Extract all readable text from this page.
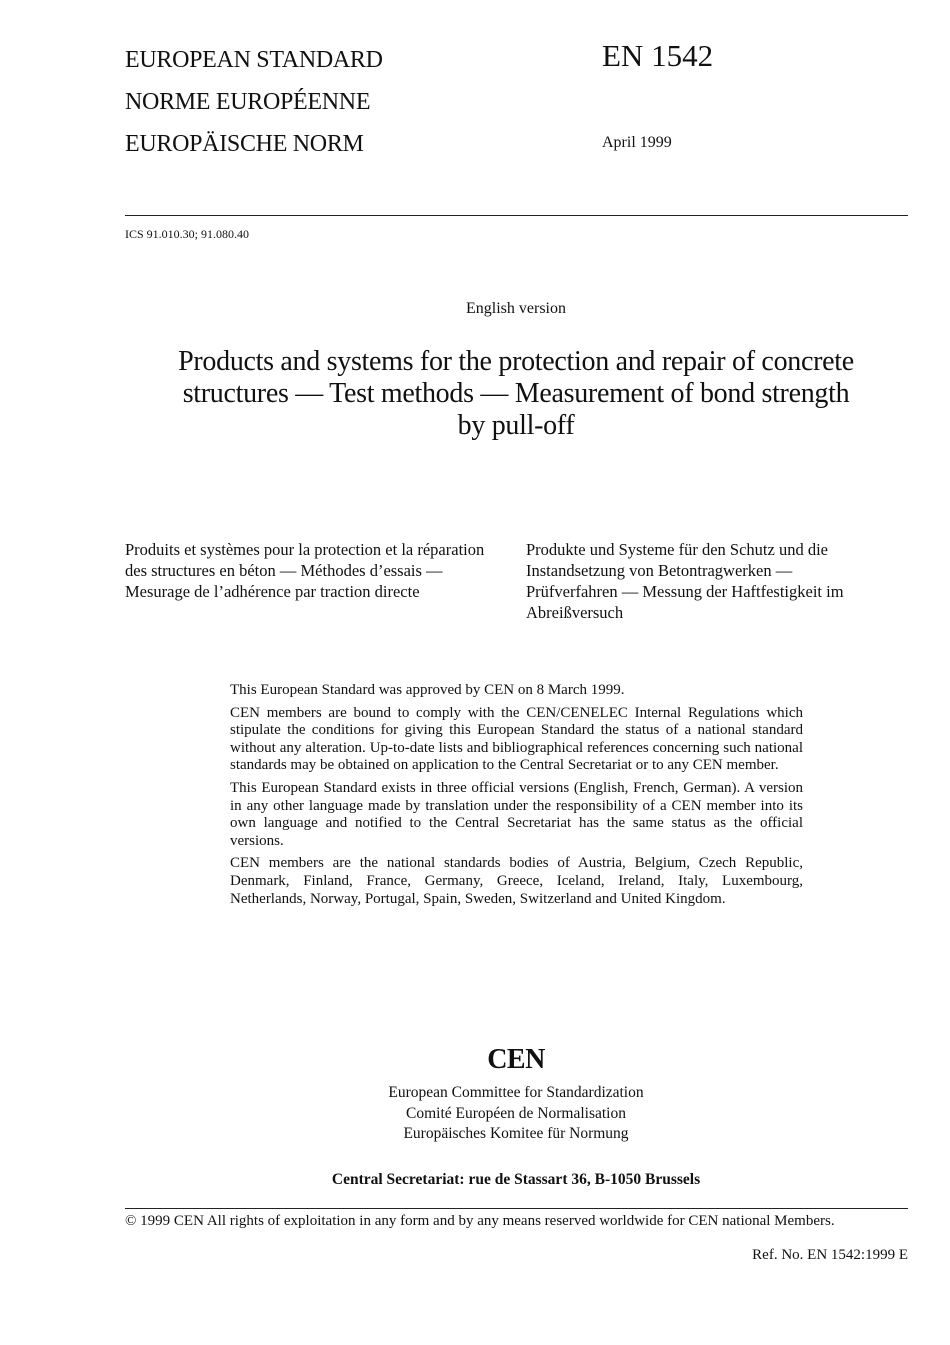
EUROPEAN STANDARD
NORME EUROPÉENNE
EUROPÄISCHE NORM
EN 1542
April 1999
ICS 91.010.30; 91.080.40
English version
Products and systems for the protection and repair of concrete structures — Test methods — Measurement of bond strength by pull-off
Produits et systèmes pour la protection et la réparation des structures en béton — Méthodes d’essais — Mesurage de l’adhérence par traction directe
Produkte und Systeme für den Schutz und die Instandsetzung von Betontragwerken — Prüfverfahren — Messung der Haftfestigkeit im Abreißversuch

This European Standard was approved by CEN on 8 March 1999.

CEN members are bound to comply with the CEN/CENELEC Internal Regulations which stipulate the conditions for giving this European Standard the status of a national standard without any alteration. Up-to-date lists and bibliographical references concerning such national standards may be obtained on application to the Central Secretariat or to any CEN member.

This European Standard exists in three official versions (English, French, German). A version in any other language made by translation under the responsibility of a CEN member into its own language and notified to the Central Secretariat has the same status as the official versions.

CEN members are the national standards bodies of Austria, Belgium, Czech Republic, Denmark, Finland, France, Germany, Greece, Iceland, Ireland, Italy, Luxembourg, Netherlands, Norway, Portugal, Spain, Sweden, Switzerland and United Kingdom.

CEN
European Committee for Standardization
Comité Européen de Normalisation
Europäisches Komitee für Normung
Central Secretariat: rue de Stassart 36, B-1050 Brussels
© 1999 CEN All rights of exploitation in any form and by any means reserved worldwide for CEN national Members.
Ref. No. EN 1542:1999 E
